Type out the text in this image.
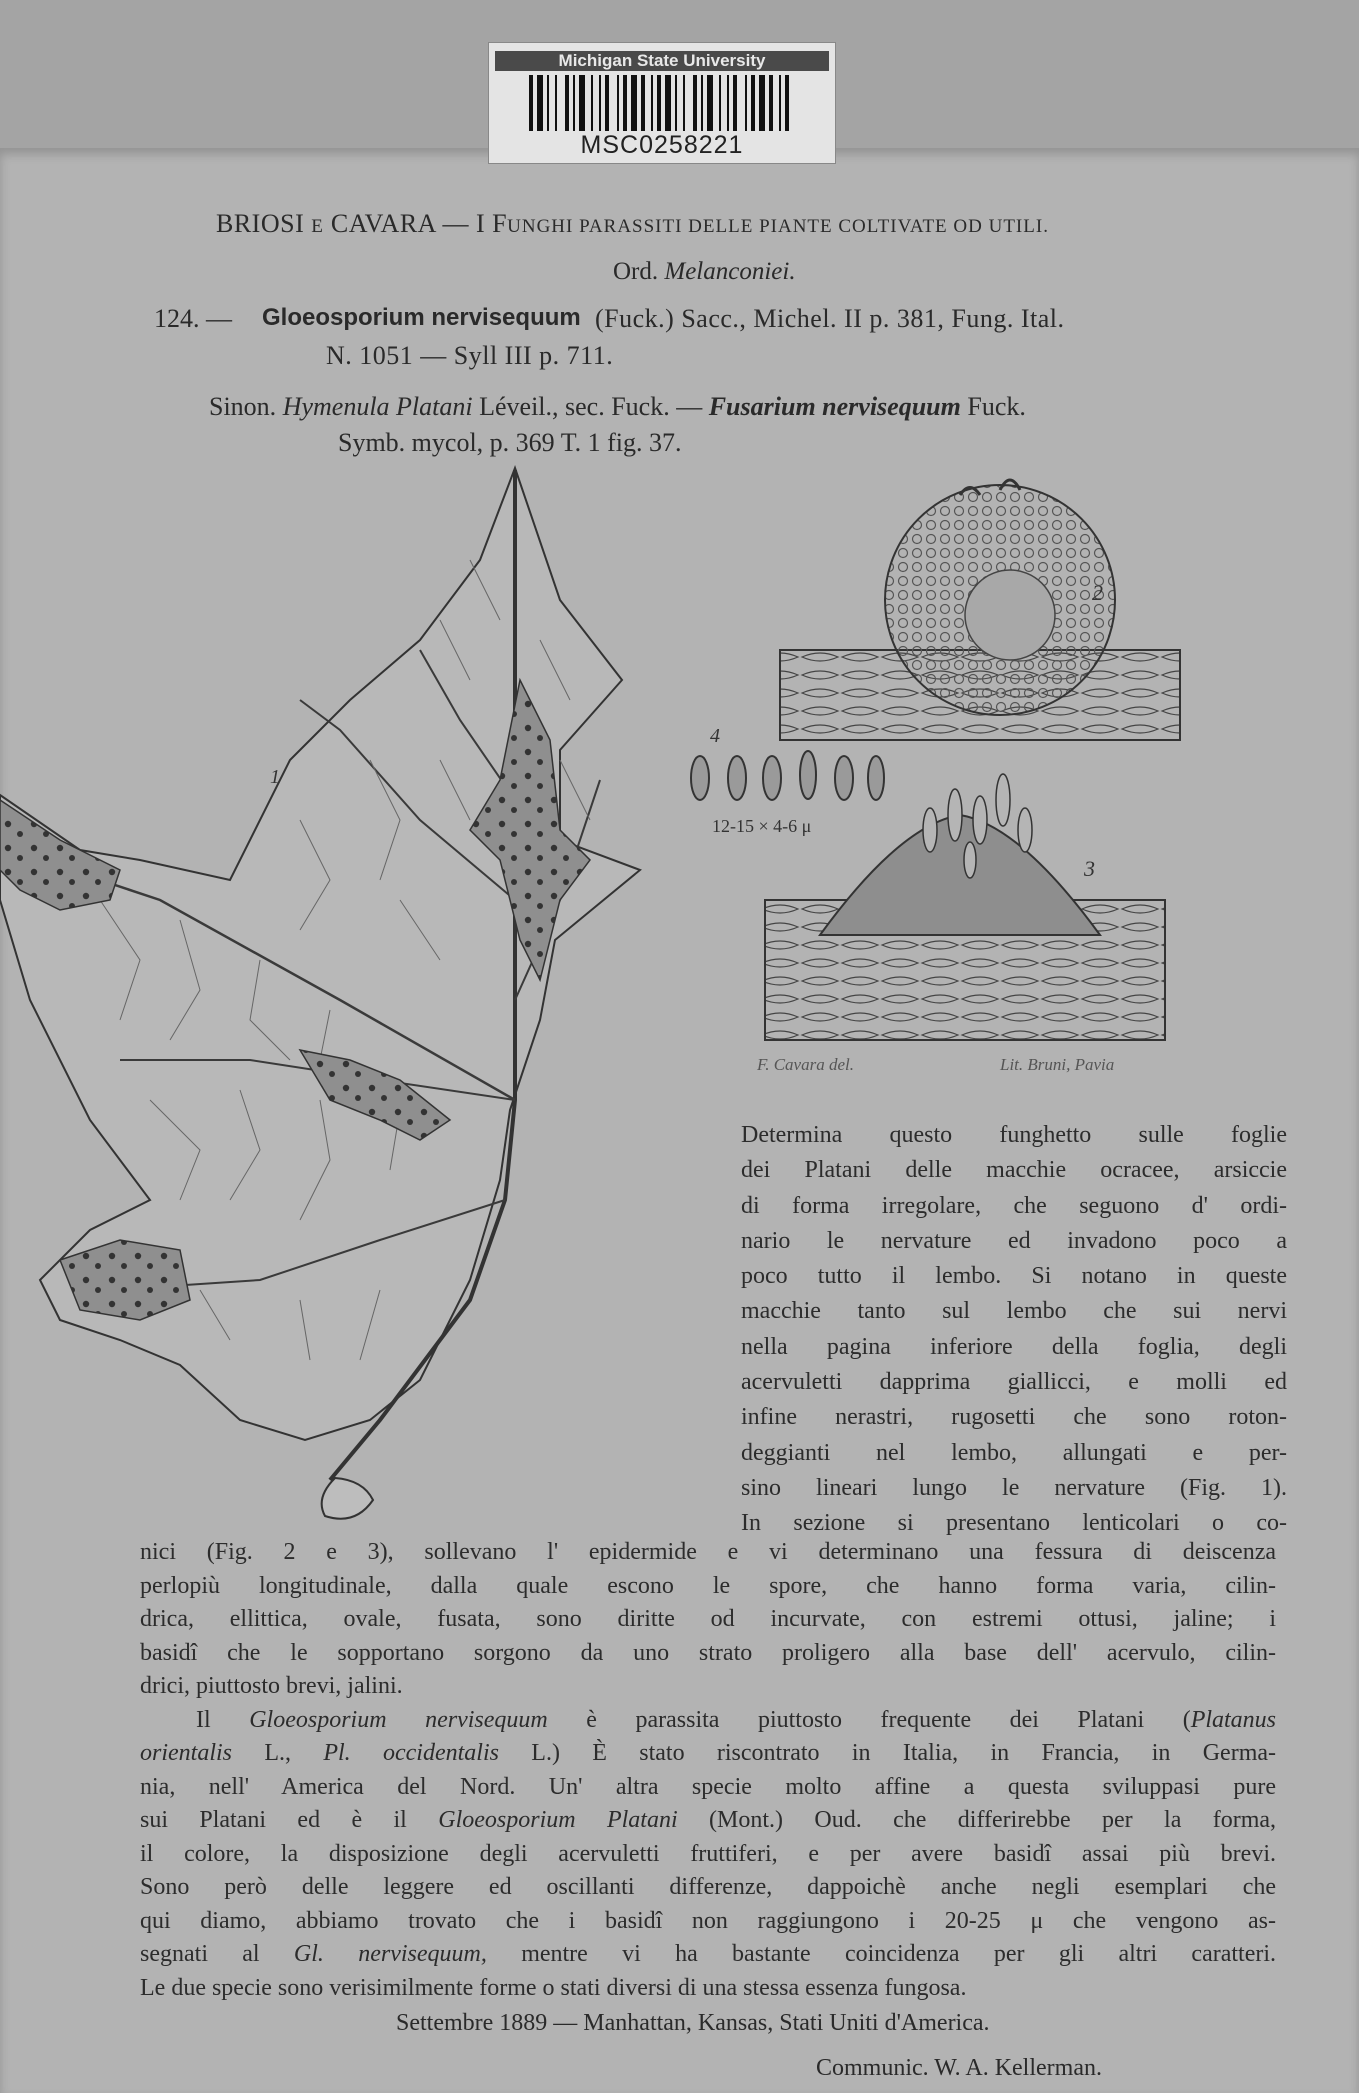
Michigan State University
MSC0258221
BRIOSI E CAVARA — I FUNGHI PARASSITI DELLE PIANTE COLTIVATE OD UTILI.
Ord. Melanconiei.
124. — Gloeosporium nervisequum (Fuck.) Sacc., Michel. II p. 381, Fung. Ital.
N. 1051 — Syll III p. 711.
Sinon. Hymenula Platani Léveil., sec. Fuck. — Fusarium nervisequum Fuck.
Symb. mycol, p. 369 T. 1 fig. 37.
1
2
4
12-15 × 4-6 μ
3
F. Cavara del.	Lit. Bruni, Pavia
Determina questo funghetto sulle foglie
dei Platani delle macchie ocracee, arsiccie
di forma irregolare, che seguono d' ordi-
nario le nervature ed invadono poco a
poco tutto il lembo. Si notano in queste
macchie tanto sul lembo che sui nervi
nella pagina inferiore della foglia, degli
acervuletti dapprima giallicci, e molli ed
infine nerastri, rugosetti che sono roton-
deggianti nel lembo, allungati e per-
sino lineari lungo le nervature (Fig. 1).
In sezione si presentano lenticolari o co-
nici (Fig. 2 e 3), sollevano l' epidermide e vi determinano una fessura di deiscenza
perlopiù longitudinale, dalla quale escono le spore, che hanno forma varia, cilin-
drica, ellittica, ovale, fusata, sono diritte od incurvate, con estremi ottusi, jaline; i
basidî che le sopportano sorgono da uno strato proligero alla base dell' acervulo, cilin-
drici, piuttosto brevi, jalini.
Il Gloeosporium nervisequum è parassita piuttosto frequente dei Platani (Platanus
orientalis L., Pl. occidentalis L.) È stato riscontrato in Italia, in Francia, in Germa-
nia, nell' America del Nord. Un' altra specie molto affine a questa sviluppasi pure
sui Platani ed è il Gloeosporium Platani (Mont.) Oud. che differirebbe per la forma,
il colore, la disposizione degli acervuletti fruttiferi, e per avere basidî assai più brevi.
Sono però delle leggere ed oscillanti differenze, dappoichè anche negli esemplari che
qui diamo, abbiamo trovato che i basidî non raggiungono i 20-25 μ che vengono as-
segnati al Gl. nervisequum, mentre vi ha bastante coincidenza per gli altri caratteri.
Le due specie sono verisimilmente forme o stati diversi di una stessa essenza fungosa.
Settembre 1889 — Manhattan, Kansas, Stati Uniti d'America.
Communic. W. A. Kellerman.
